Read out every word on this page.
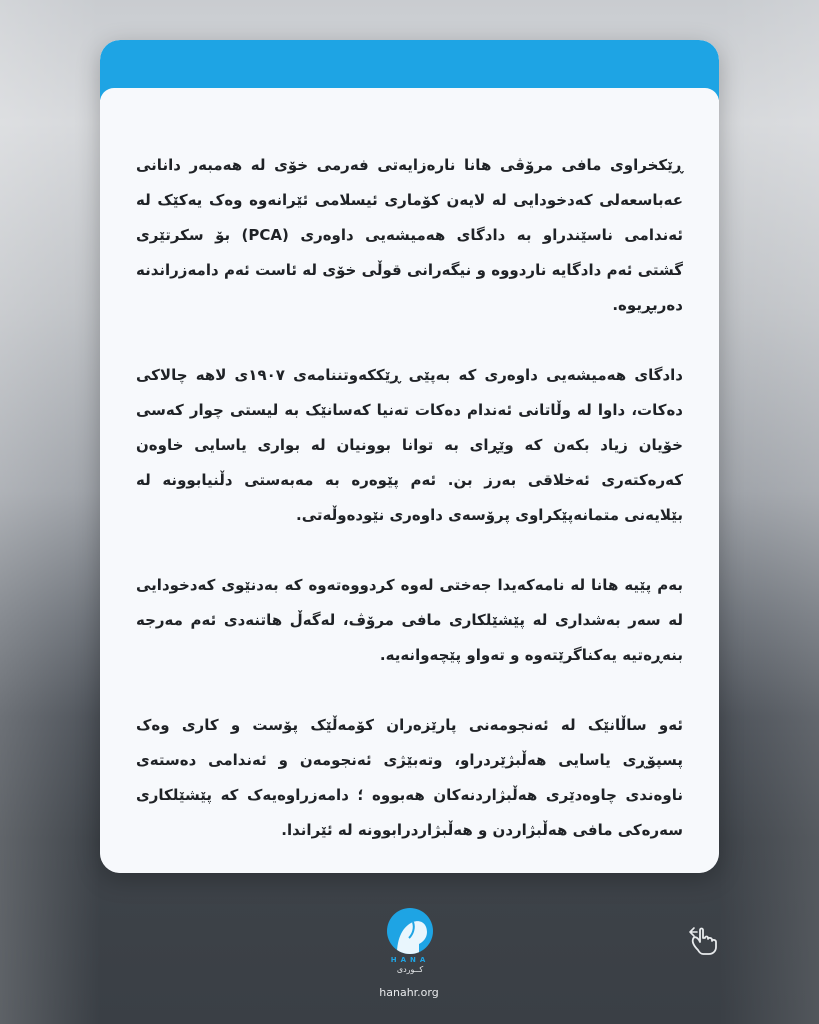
ڕێکخراوی مافی مرۆڤی هانا نارەزایەتی فەرمی خۆی لە هەمبەر دانانی عەباسعەلی کەدخودایی لە لایەن کۆماری ئیسلامی ئێرانەوە وەک یەکێک لە ئەندامی ناسێندراو بە دادگای هەمیشەیی داوەری (PCA) بۆ سکرتێری گشتی ئەم دادگایە ناردووە و نیگەرانی قوڵی خۆی لە ئاست ئەم دامەزراندنە دەربڕیوە.

دادگای هەمیشەیی داوەری کە بەپێی ڕێککەوتننامەی ۱۹۰۷ی لاهە چالاکی دەکات، داوا لە وڵاتانی ئەندام دەکات تەنیا کەسانێک بە لیستی چوار کەسی خۆیان زیاد بکەن کە وێڕای بە توانا بوونیان لە بواری یاسایی خاوەن کەرەکتەری ئەخلاقی بەرز بن. ئەم پێوەرە بە مەبەستی دڵنیابوونە لە بێلایەنی متمانەپێکراوی پرۆسەی داوەری نێودەوڵەتی.

بەم پێیە هانا لە نامەکەیدا جەختی لەوە کردووەتەوە کە بەدنێوی کەدخودایی لە سەر بەشداری لە پێشێلکاری مافی مرۆڤ، لەگەڵ هاتنەدی ئەم مەرجە بنەڕەتیە یەکناگرێتەوە و تەواو پێچەوانەیە.

ئەو ساڵانێک لە ئەنجومەنی پارێزەران کۆمەڵێک پۆست و کاری وەک پسپۆڕی یاسایی هەڵبژێردراو، وتەبێژی ئەنجومەن و ئەندامی دەستەی ناوەندی چاوەدێری هەڵبژاردنەکان هەبووە ؛ دامەزراوەیەک کە پێشێلکاری سەرەکی مافی هەڵبژاردن و هەڵبژاردرابوونە لە ئێراندا.

HANA
کــوردی
hanahr.org
